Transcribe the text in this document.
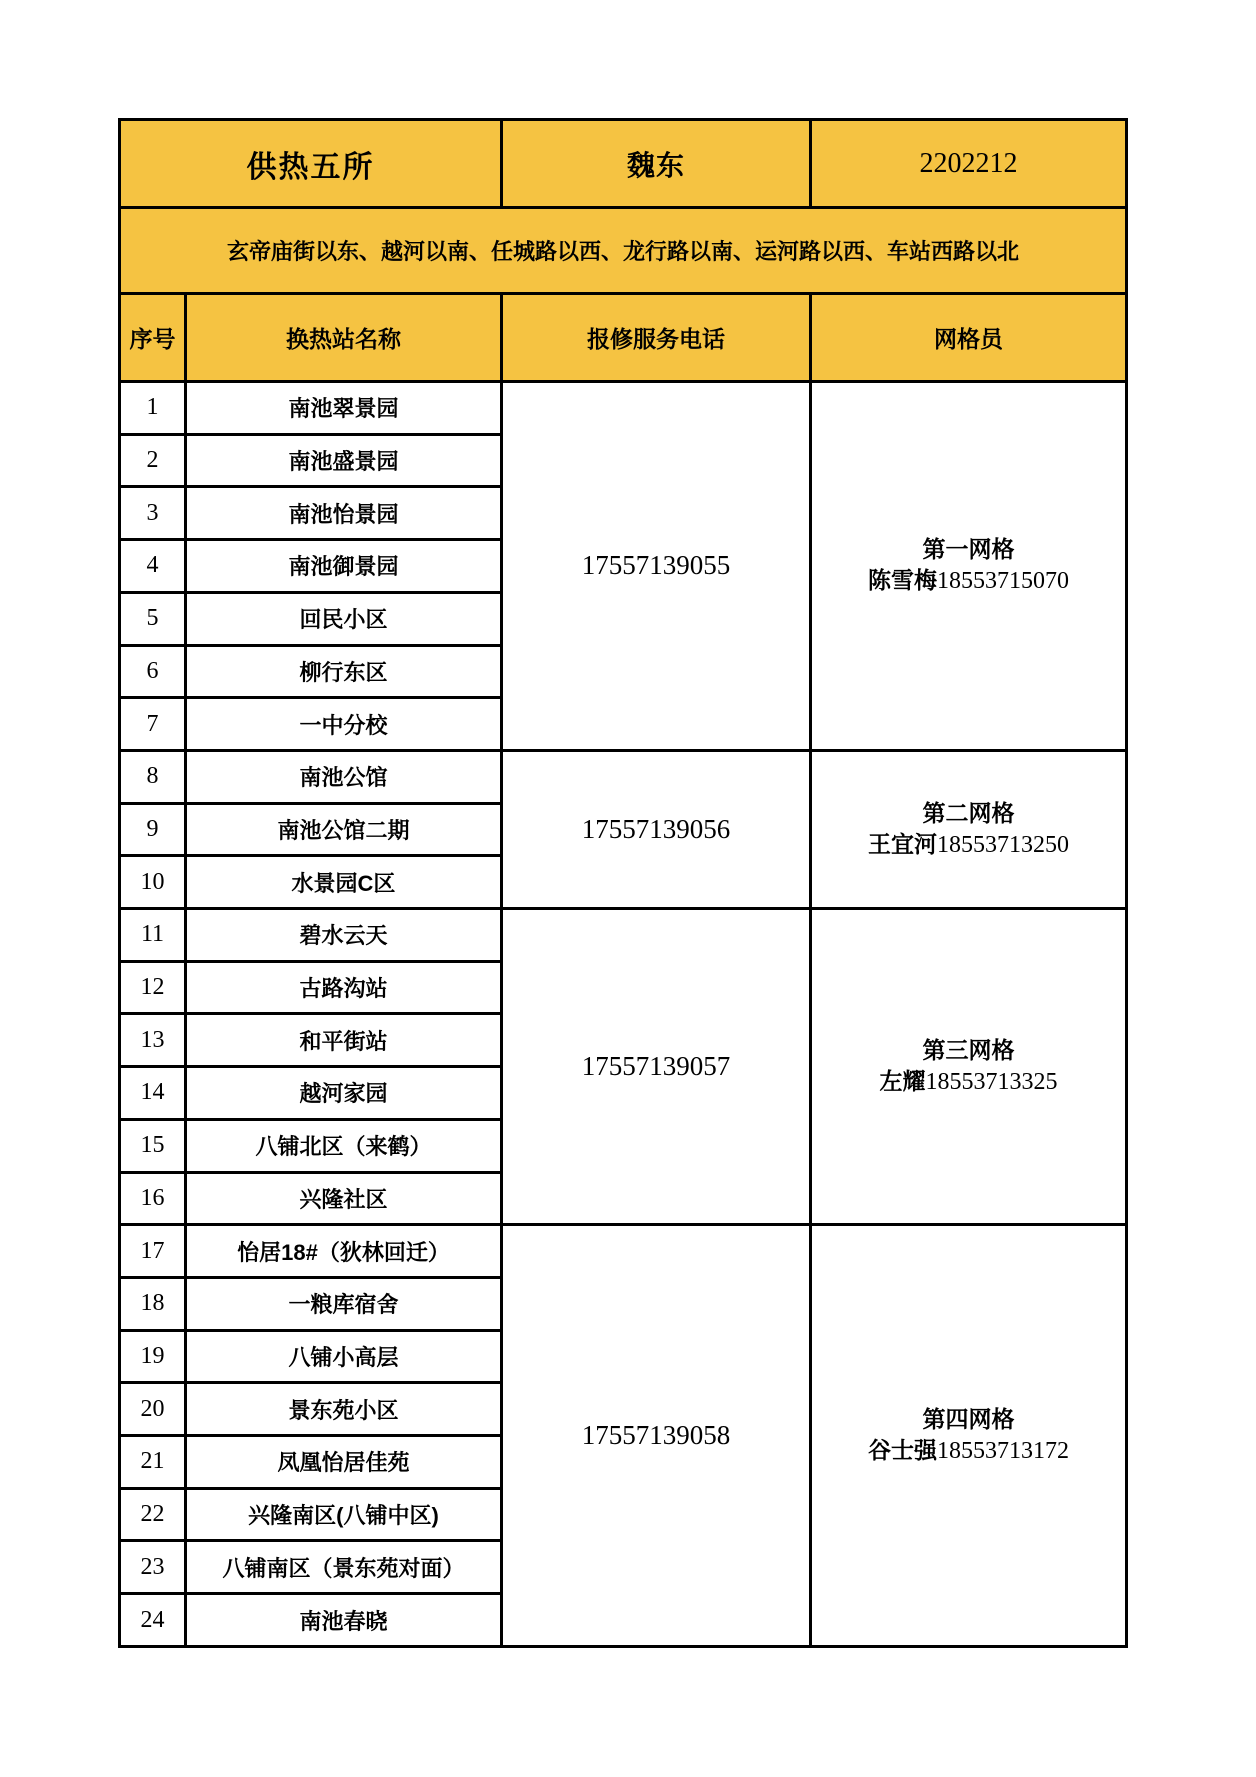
供热五所		魏东	2202212
玄帝庙街以东、越河以南、任城路以西、龙行路以南、运河路以西、车站西路以北			
序号	换热站名称	报修服务电话	网格员
1	南池翠景园	17557139055	第一网格
陈雪梅18553715070

2	南池盛景园		
3	南池怡景园		
4	南池御景园		
5	回民小区		
6	柳行东区		
7	一中分校		
8	南池公馆	17557139056	第二网格
王宜河18553713250

9	南池公馆二期		
10	水景园C区		
11	碧水云天	17557139057	第三网格
左耀18553713325

12	古路沟站		
13	和平街站		
14	越河家园		
15	八铺北区（来鹤）		
16	兴隆社区		
17	怡居18#（狄林回迁）	17557139058	第四网格
谷士强18553713172

18	一粮库宿舍		
19	八铺小高层		
20	景东苑小区		
21	凤凰怡居佳苑		
22	兴隆南区(八铺中区)		
23	八铺南区（景东苑对面）		
24	南池春晓		
